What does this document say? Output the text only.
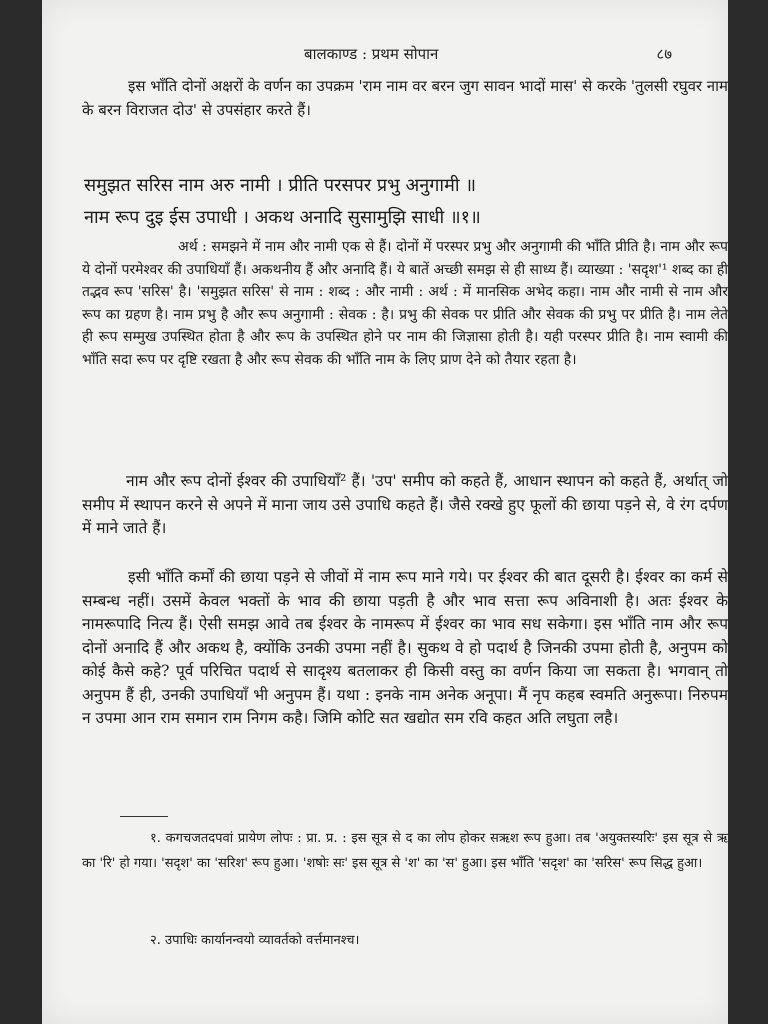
बालकाण्ड : प्रथम सोपान	८७
इस भाँति दोनों अक्षरों के वर्णन का उपक्रम 'राम नाम वर बरन जुग सावन भादों मास' से करके 'तुलसी रघुवर नाम के बरन विराजत दोउ' से उपसंहार करते हैं।
समुझत सरिस नाम अरु नामी । प्रीति परसपर प्रभु अनुगामी ॥
नाम रूप दुइ ईस उपाधी । अकथ अनादि सुसामुझि साधी ॥१॥
अर्थ : समझने में नाम और नामी एक से हैं। दोनों में परस्पर प्रभु और अनुगामी की भाँति प्रीति है। नाम और रूप ये दोनों परमेश्वर की उपाधियाँ हैं। अकथनीय हैं और अनादि हैं। ये बातें अच्छी समझ से ही साध्य हैं। व्याख्या : 'सदृश'¹ शब्द का ही तद्भव रूप 'सरिस' है। 'समुझत सरिस' से नाम : शब्द : और नामी : अर्थ : में मानसिक अभेद कहा। नाम और नामी से नाम और रूप का ग्रहण है। नाम प्रभु है और रूप अनुगामी : सेवक : है। प्रभु की सेवक पर प्रीति और सेवक की प्रभु पर प्रीति है। नाम लेते ही रूप सम्मुख उपस्थित होता है और रूप के उपस्थित होने पर नाम की जिज्ञासा होती है। यही परस्पर प्रीति है। नाम स्वामी की भाँति सदा रूप पर दृष्टि रखता है और रूप सेवक की भाँति नाम के लिए प्राण देने को तैयार रहता है।
नाम और रूप दोनों ईश्वर की उपाधियाँ² हैं। 'उप' समीप को कहते हैं, आधान स्थापन को कहते हैं, अर्थात् जो समीप में स्थापन करने से अपने में माना जाय उसे उपाधि कहते हैं। जैसे रक्खे हुए फूलों की छाया पड़ने से, वे रंग दर्पण में माने जाते हैं।
इसी भाँति कर्मों की छाया पड़ने से जीवों में नाम रूप माने गये। पर ईश्वर की बात दूसरी है। ईश्वर का कर्म से सम्बन्ध नहीं। उसमें केवल भक्तों के भाव की छाया पड़ती है और भाव सत्ता रूप अविनाशी है। अतः ईश्वर के नामरूपादि नित्य हैं। ऐसी समझ आवे तब ईश्वर के नामरूप में ईश्वर का भाव सध सकेगा। इस भाँति नाम और रूप दोनों अनादि हैं और अकथ है, क्योंकि उनकी उपमा नहीं है। सुकथ वे हो पदार्थ है जिनकी उपमा होती है, अनुपम को कोई कैसे कहे? पूर्व परिचित पदार्थ से सादृश्य बतलाकर ही किसी वस्तु का वर्णन किया जा सकता है। भगवान् तो अनुपम हैं ही, उनकी उपाधियाँ भी अनुपम हैं। यथा : इनके नाम अनेक अनूपा। मैं नृप कहब स्वमति अनुरूपा। निरुपम न उपमा आन राम समान राम निगम कहै। जिमि कोटि सत खद्योत सम रवि कहत अति लघुता लहै।
१. कगचजतदपवां प्रायेण लोपः : प्रा. प्र. : इस सूत्र से द का लोप होकर सऋश रूप हुआ। तब 'अयुक्तस्यरिः' इस सूत्र से ऋ का 'रि' हो गया। 'सदृश' का 'सरिश' रूप हुआ। 'शषोः सः' इस सूत्र से 'श' का 'स' हुआ। इस भाँति 'सदृश' का 'सरिस' रूप सिद्ध हुआ।
२. उपाधिः कार्यानन्वयो व्यावर्तको वर्त्तमानश्च।
